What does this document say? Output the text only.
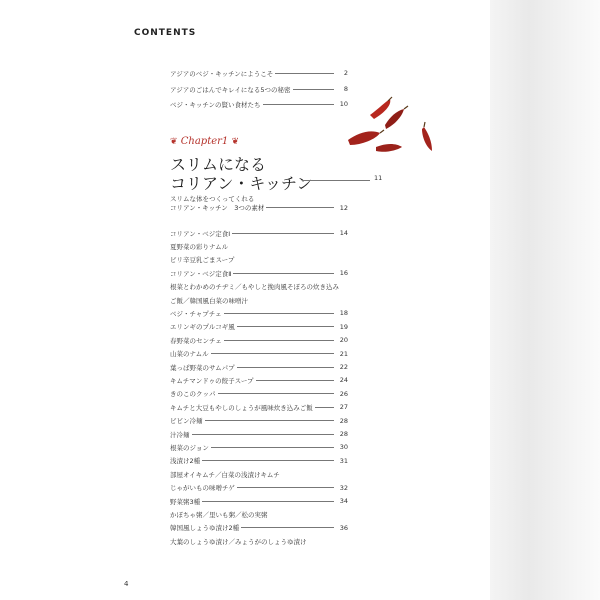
CONTENTS
アジアのベジ・キッチンにようこそ	2
アジアのごはんでキレイになる5つの秘密	8
ベジ・キッチンの賢い食材たち	10
❦ Chapter1 ❦
スリムになる
コリアン・キッチン	11
スリムな体をつくってくれる
コリアン・キッチン　3つの素材	12
コリアン・ベジ定食Ⅰ	14
夏野菜の彩りナムル
ピリ辛豆乳ごまスープ
コリアン・ベジ定食Ⅱ	16
根菜とわかめのチヂミ／もやしと挽肉風そぼろの炊き込み
ご飯／韓国風白菜の味噌汁
ベジ・チャプチェ	18
エリンギのプルコギ風	19
春野菜のセンチェ	20
山菜のナムル	21
葉っぱ野菜のサムパプ	22
キムチマンドゥの餃子スープ	24
きのこのクッパ	26
キムチと大豆もやしのしょうが風味炊き込みご飯	27
ビビン冷麺	28
汁冷麺	28
根菜のジョン	30
浅漬け2種	31
部屋オイキムチ／白菜の浅漬けキムチ
じゃがいもの味噌チゲ	32
野菜粥3種	34
かぼちゃ粥／里いも粥／松の実粥
韓国風しょうゆ漬け2種	36
大葉のしょうゆ漬け／みょうがのしょうゆ漬け
4
